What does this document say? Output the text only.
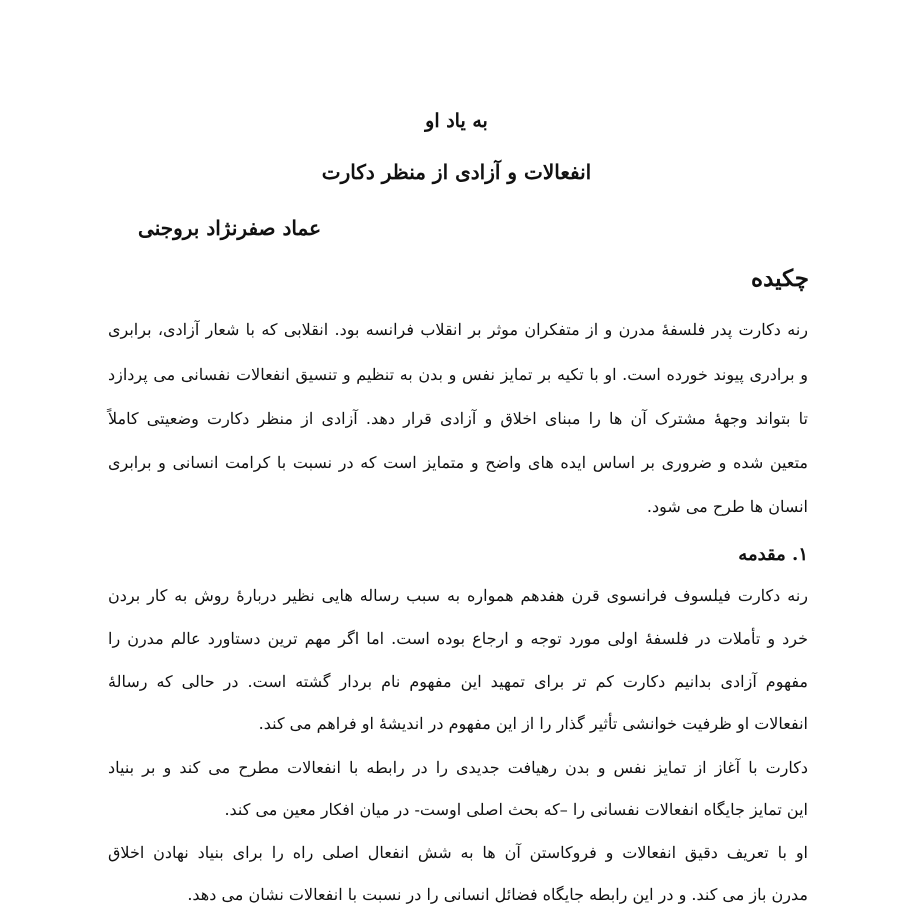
به یاد او
انفعالات و آزادی از منظر دکارت
عماد صفرنژاد بروجنی
چکیده
رنه دکارت پدر فلسفۀ مدرن و از متفکران موثر بر انقلاب فرانسه بود. انقلابی که با شعار آزادی، برابری
و برادری پیوند خورده است. او با تکیه بر تمایز نفس و بدن به تنظیم و تنسیق انفعالات نفسانی می پردازد
تا بتواند وجهۀ مشترک آن ها را مبنای اخلاق و آزادی قرار دهد. آزادی از منظر دکارت وضعیتی کاملاً
متعین شده و ضروری بر اساس ایده های واضح و متمایز است که در نسبت با کرامت انسانی و برابری
انسان ها طرح می شود.
۱. مقدمه
رنه دکارت فیلسوف فرانسوی قرن هفدهم همواره به سبب رساله هایی نظیر دربارۀ روش به کار بردن
خرد و تأملات در فلسفۀ اولی مورد توجه و ارجاع بوده است. اما اگر مهم ترین دستاورد عالم مدرن را
مفهوم آزادی بدانیم دکارت کم تر برای تمهید این مفهوم نام بردار گشته است. در حالی که رسالۀ
انفعالات او ظرفیت خوانشی تأثیر گذار را از این مفهوم در اندیشۀ او فراهم می کند.
دکارت با آغاز از تمایز نفس و بدن رهیافت جدیدی را در رابطه با انفعالات مطرح می کند و بر بنیاد
این تمایز جایگاه انفعالات نفسانی را –که بحث اصلی اوست- در میان افکار معین می کند.
او با تعریف دقیق انفعالات و فروکاستن آن ها به شش انفعال اصلی راه را برای بنیاد نهادن اخلاق
مدرن باز می کند. و در این رابطه جایگاه فضائل انسانی را در نسبت با انفعالات نشان می دهد.
